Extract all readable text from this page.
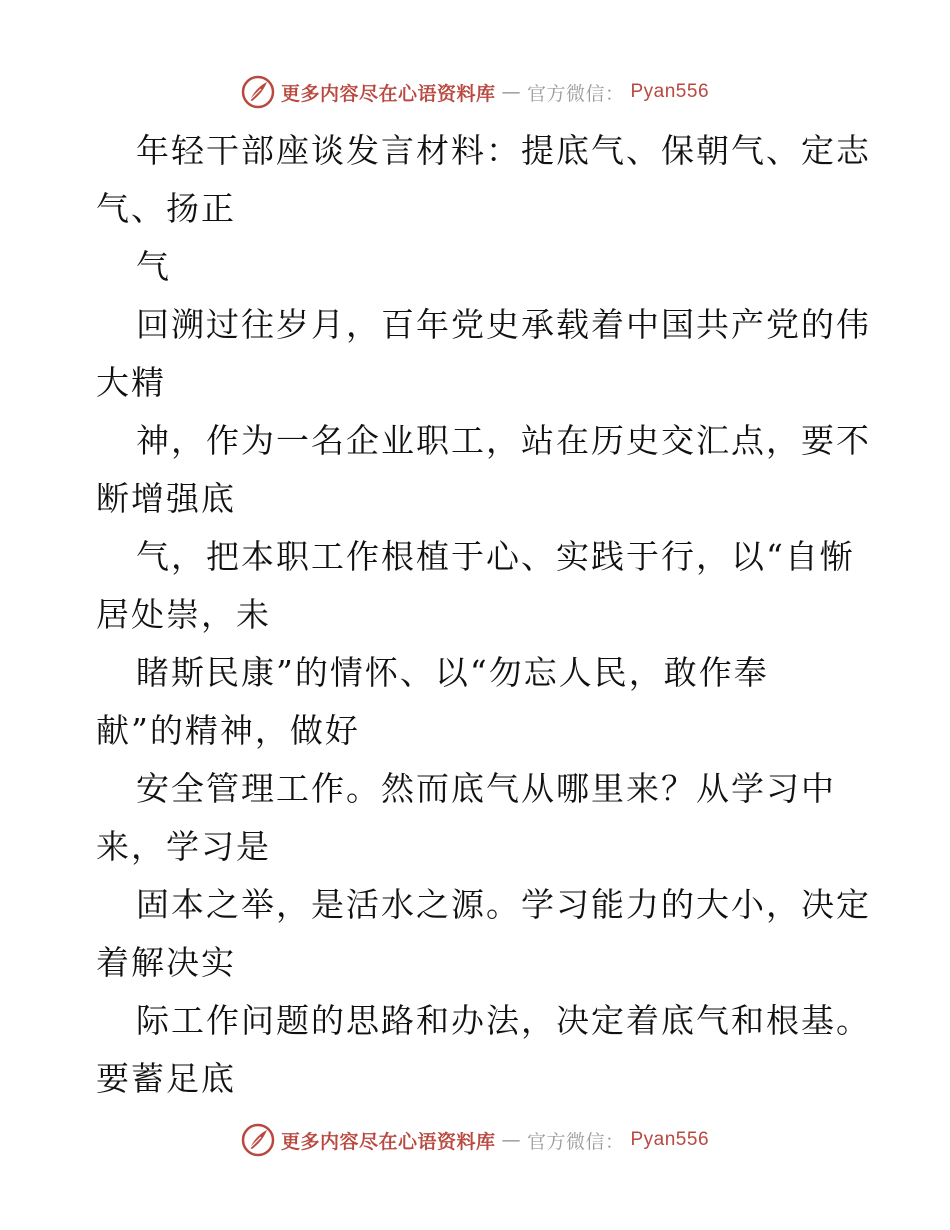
更多内容尽在心语资料库 — 官方微信： Pyan556
年轻干部座谈发言材料：提底气、保朝气、定志
气、扬正
气
回溯过往岁月，百年党史承载着中国共产党的伟
大精
神，作为一名企业职工，站在历史交汇点，要不
断增强底
气，把本职工作根植于心、实践于行，以“自惭
居处崇，未
睹斯民康”的情怀、以“勿忘人民，敢作奉
献”的精神，做好
安全管理工作。然而底气从哪里来？从学习中
来，学习是
固本之举，是活水之源。学习能力的大小，决定
着解决实
际工作问题的思路和办法，决定着底气和根基。
要蓄足底
更多内容尽在心语资料库 — 官方微信： Pyan556
